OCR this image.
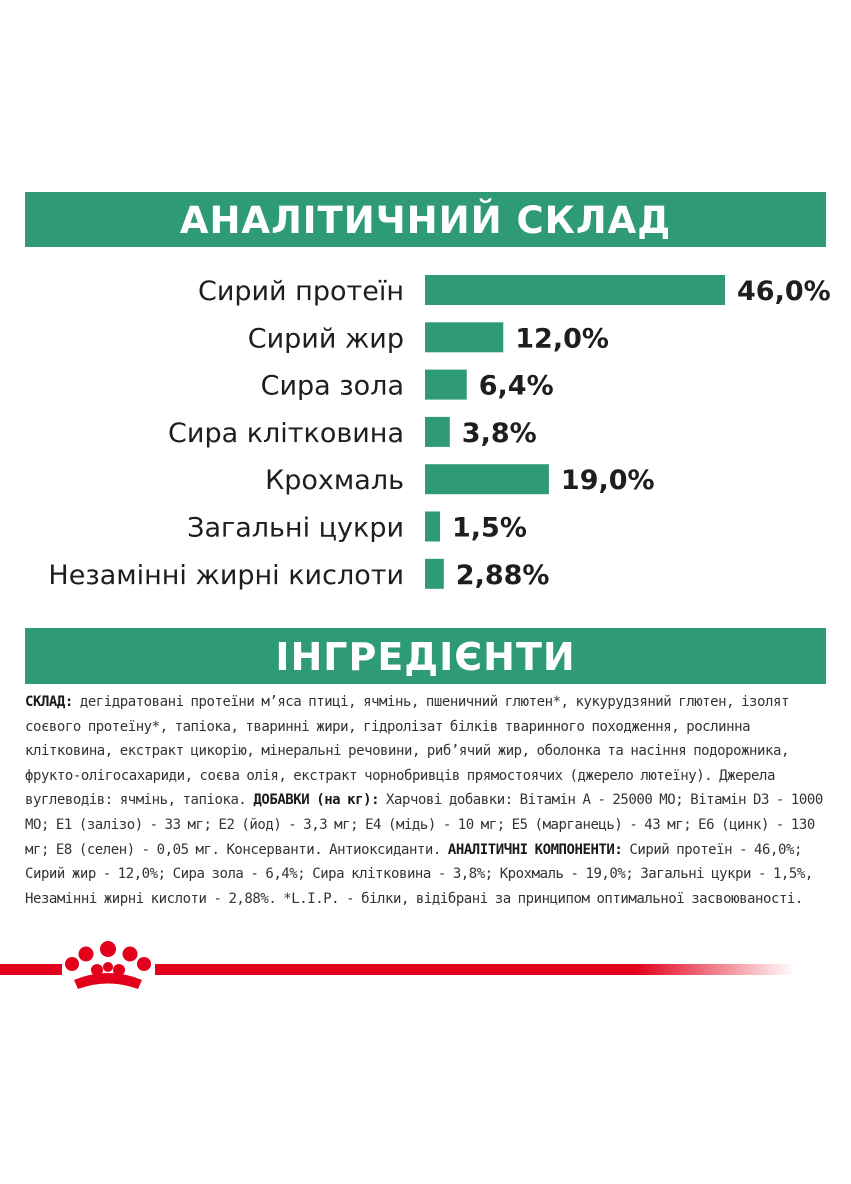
АНАЛІТИЧНИЙ СКЛАД
Сирий протеїн	46,0%
Сирий жир	12,0%
Сира зола	6,4%
Сира клітковина 3,8%
Крохмаль	19,0%
Загальні цукри 1,5%
Незамінні жирні кислоти 2,88%
ІНГРЕДІЄНТИ
СКЛАД: дегідратовані протеїни м’яса птиці, ячмінь, пшеничний глютен*, кукурудзяний глютен, ізолят соєвого протеїну*, тапіока, тваринні жири, гідролізат білків тваринного походження, рослинна клітковина, екстракт цикорію, мінеральні речовини, риб’ячий жир, оболонка та насіння подорожника, фрукто-олігосахариди, соєва олія, екстракт чорнобривців прямостоячих (джерело лютеїну). Джерела вуглеводів: ячмінь, тапіока. ДОБАВКИ (на кг): Харчові добавки: Вітамін А - 25000 МО; Вітамін D3 - 1000 МО; Е1 (залізо) - 33 мг; Е2 (йод) - 3,3 мг; Е4 (мідь) - 10 мг; Е5 (марганець) - 43 мг; Е6 (цинк) - 130 мг; Е8 (селен) - 0,05 мг. Консерванти. Антиоксиданти. АНАЛІТИЧНІ КОМПОНЕНТИ: Сирий протеїн - 46,0%; Сирий жир - 12,0%; Сира зола - 6,4%; Сира клітковина - 3,8%; Крохмаль - 19,0%; Загальні цукри - 1,5%, Незамінні жирні кислоти - 2,88%. *L.I.P. - білки, відібрані за принципом оптимальної засвоюваності.
